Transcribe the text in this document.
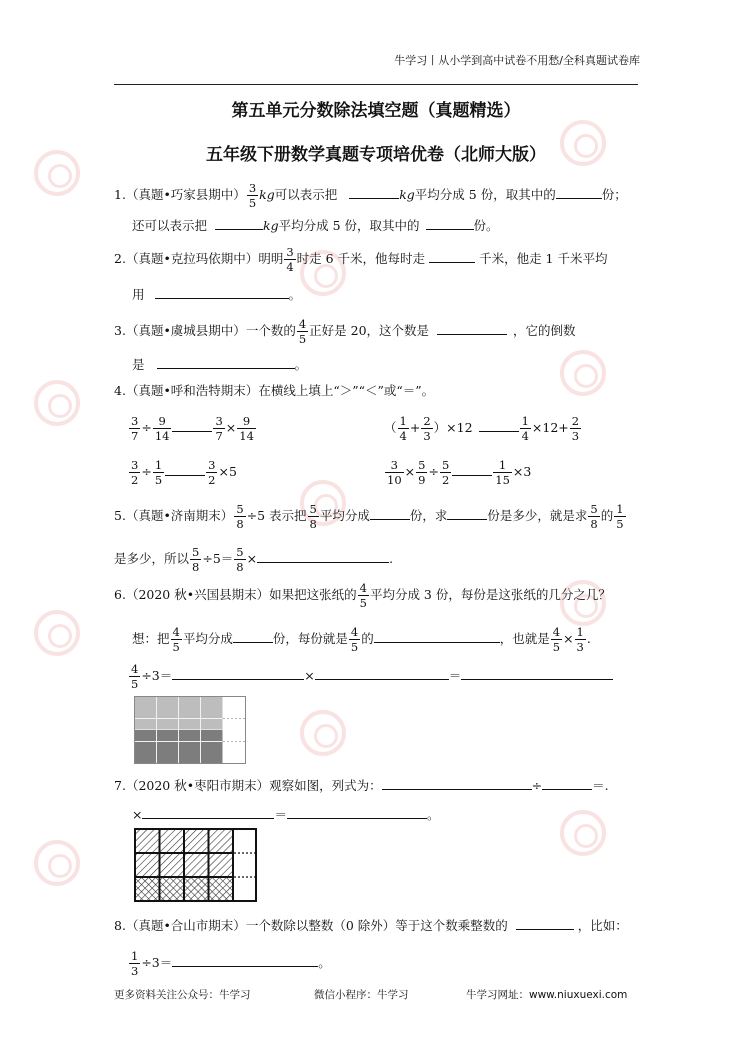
牛学习丨从小学到高中试卷不用愁/全科真题试卷库
第五单元分数除法填空题（真题精选）
五年级下册数学真题专项培优卷（北师大版）
1.（真题•巧家县期中） $\frac{3}{5}$ kg可以表示把	kg平均分成 5 份，取其中的	份；
还可以表示把	kg平均分成 5 份，取其中的	份。
2.（真题•克拉玛依期中）明明 $\frac{3}{4}$ 时走 6 千米，他每时走	千米，他走 1 千米平均
用	。
3.（真题•虞城县期中）一个数的 $\frac{4}{5}$ 正好是 20，这个数是	，它的倒数
是	。
4.（真题•呼和浩特期末）在横线上填上“＞”“＜”或“＝”。
$\frac{3}{7} \div \frac{9}{14}$	$\frac{3}{7} \times \frac{9}{14}$	（ $\frac{1}{4} + \frac{2}{3} )\times 12$	$\frac{1}{4} \times 12+ \frac{2}{3}$
$\frac{3}{2} \div \frac{1}{5}$	$\frac{3}{2} \times 5$	$\frac{3}{10} \times \frac{5}{9} \div \frac{5}{2}$	$\frac{1}{15} \times 3$
5.（真题•济南期末） $\frac{5}{8} \div 5$ 表示把 $\frac{5}{8}$ 平均分成	份，求	份是多少，就是求 $\frac{5}{8}$ 的 $\frac{1}{5}$
是多少，所以 $\frac{5}{8} \div 5= \frac{5}{8}$ ×	.
6.（2020 秋•兴国县期末）如果把这张纸的 $\frac{4}{5}$ 平均分成 3 份，每份是这张纸的几分之几？
想：把 $\frac{4}{5}$ 平均分成	份，每份就是 $\frac{4}{5}$ 的	，也就是 $\frac{4}{5} \times \frac{1}{3}$ .
$\frac{4}{5} \div 3=$	×	＝
7.（2020 秋•枣阳市期末）观察如图，列式为：	÷	＝.
×	＝	。
8.（真题•合山市期末）一个数除以整数（0 除外）等于这个数乘整数的	，比如：
$\frac{1}{3} \div 3=$	。
更多资料关注公众号：牛学习	微信小程序：牛学习	牛学习网址：www.niuxuexi.com
